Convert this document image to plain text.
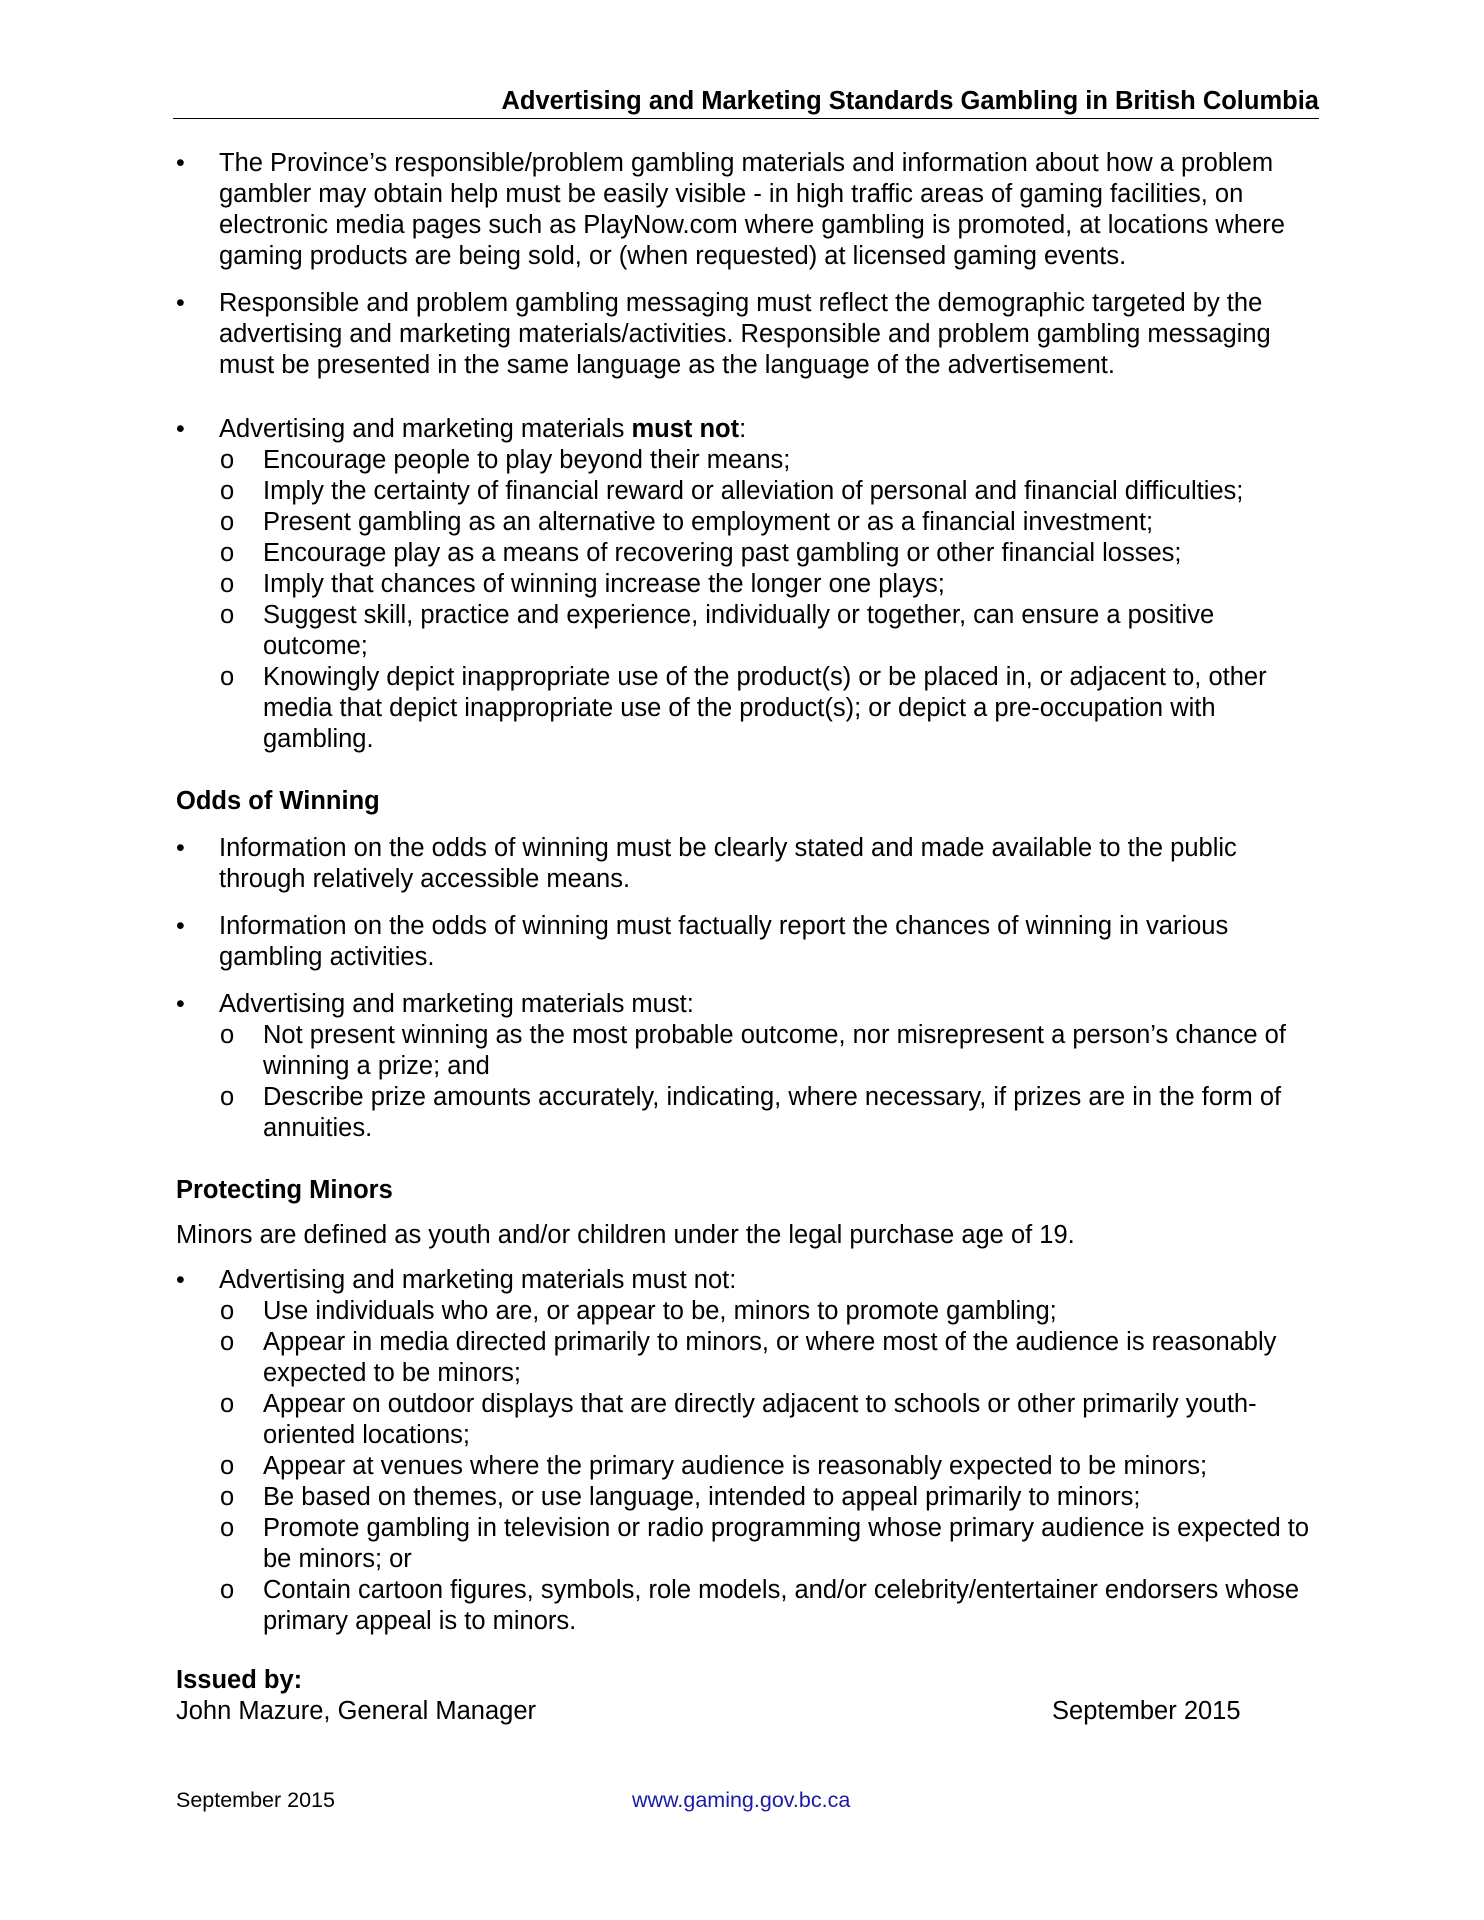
Advertising and Marketing Standards Gambling in British Columbia

• The Province’s responsible/problem gambling materials and information about how a problem gambler may obtain help must be easily visible - in high traffic areas of gaming facilities, on electronic media pages such as PlayNow.com where gambling is promoted, at locations where gaming products are being sold, or (when requested) at licensed gaming events.

• Responsible and problem gambling messaging must reflect the demographic targeted by the advertising and marketing materials/activities. Responsible and problem gambling messaging must be presented in the same language as the language of the advertisement.

• Advertising and marketing materials must not:

o Encourage people to play beyond their means;

o Imply the certainty of financial reward or alleviation of personal and financial difficulties;

o Present gambling as an alternative to employment or as a financial investment;

o Encourage play as a means of recovering past gambling or other financial losses;

o Imply that chances of winning increase the longer one plays;

o Suggest skill, practice and experience, individually or together, can ensure a positive outcome;

o Knowingly depict inappropriate use of the product(s) or be placed in, or adjacent to, other media that depict inappropriate use of the product(s); or depict a pre-occupation with gambling.

Odds of Winning

• Information on the odds of winning must be clearly stated and made available to the public through relatively accessible means.

• Information on the odds of winning must factually report the chances of winning in various gambling activities.

• Advertising and marketing materials must:

o Not present winning as the most probable outcome, nor misrepresent a person’s chance of winning a prize; and

o Describe prize amounts accurately, indicating, where necessary, if prizes are in the form of annuities.

Protecting Minors

Minors are defined as youth and/or children under the legal purchase age of 19.

• Advertising and marketing materials must not:

o Use individuals who are, or appear to be, minors to promote gambling;

o Appear in media directed primarily to minors, or where most of the audience is reasonably expected to be minors;

o Appear on outdoor displays that are directly adjacent to schools or other primarily youth-oriented locations;

o Appear at venues where the primary audience is reasonably expected to be minors;

o Be based on themes, or use language, intended to appeal primarily to minors;

o Promote gambling in television or radio programming whose primary audience is expected to be minors; or

o Contain cartoon figures, symbols, role models, and/or celebrity/entertainer endorsers whose primary appeal is to minors.

Issued by:

John Mazure, General Manager	September 2015
September 2015	www.gaming.gov.bc.ca
